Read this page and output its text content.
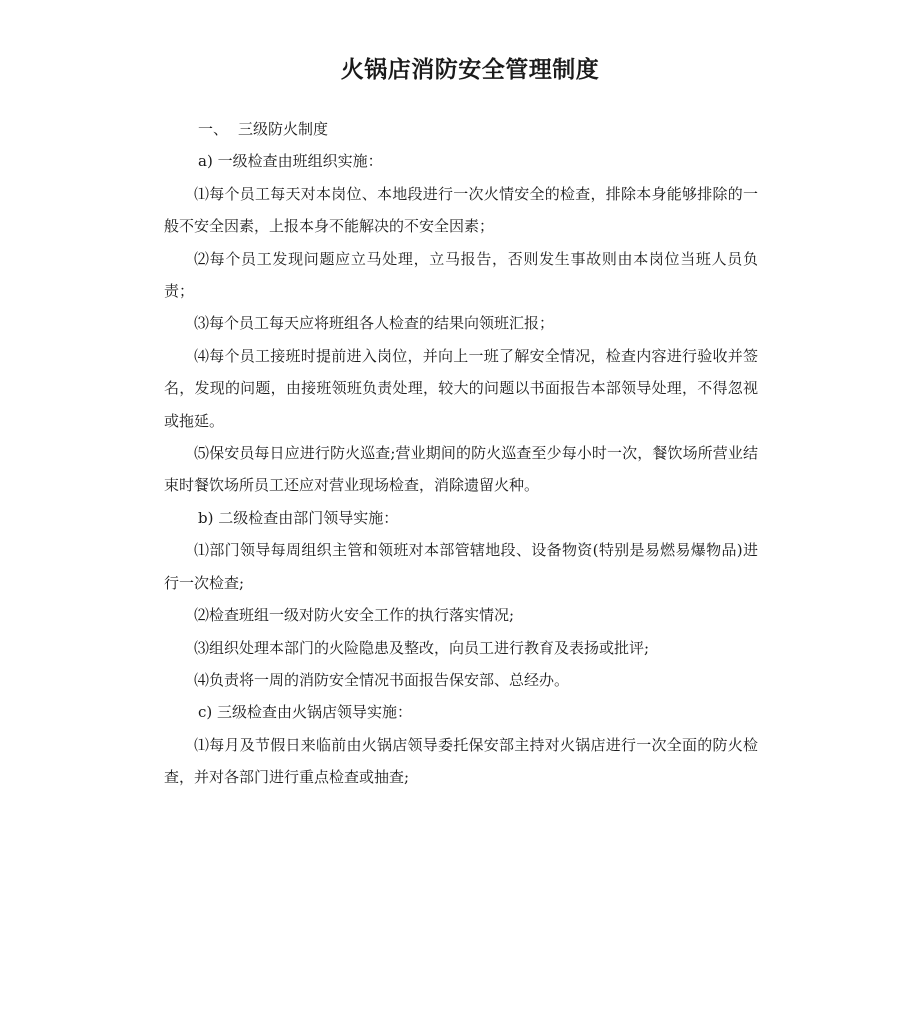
火锅店消防安全管理制度

一、 三级防火制度

a) 一级检查由班组织实施：

⑴每个员工每天对本岗位、本地段进行一次火情安全的检查，排除本身能够排除的一般不安全因素，上报本身不能解决的不安全因素；

⑵每个员工发现问题应立马处理，立马报告，否则发生事故则由本岗位当班人员负责；

⑶每个员工每天应将班组各人检查的结果向领班汇报；

⑷每个员工接班时提前进入岗位，并向上一班了解安全情况，检查内容进行验收并签名，发现的问题，由接班领班负责处理，较大的问题以书面报告本部领导处理，不得忽视或拖延。

⑸保安员每日应进行防火巡查;营业期间的防火巡查至少每小时一次，餐饮场所营业结束时餐饮场所员工还应对营业现场检查，消除遗留火种。

b) 二级检查由部门领导实施：

⑴部门领导每周组织主管和领班对本部管辖地段、设备物资(特别是易燃易爆物品)进行一次检查;

⑵检查班组一级对防火安全工作的执行落实情况;

⑶组织处理本部门的火险隐患及整改，向员工进行教育及表扬或批评;

⑷负责将一周的消防安全情况书面报告保安部、总经办。

c) 三级检查由火锅店领导实施：

⑴每月及节假日来临前由火锅店领导委托保安部主持对火锅店进行一次全面的防火检查，并对各部门进行重点检查或抽查;
